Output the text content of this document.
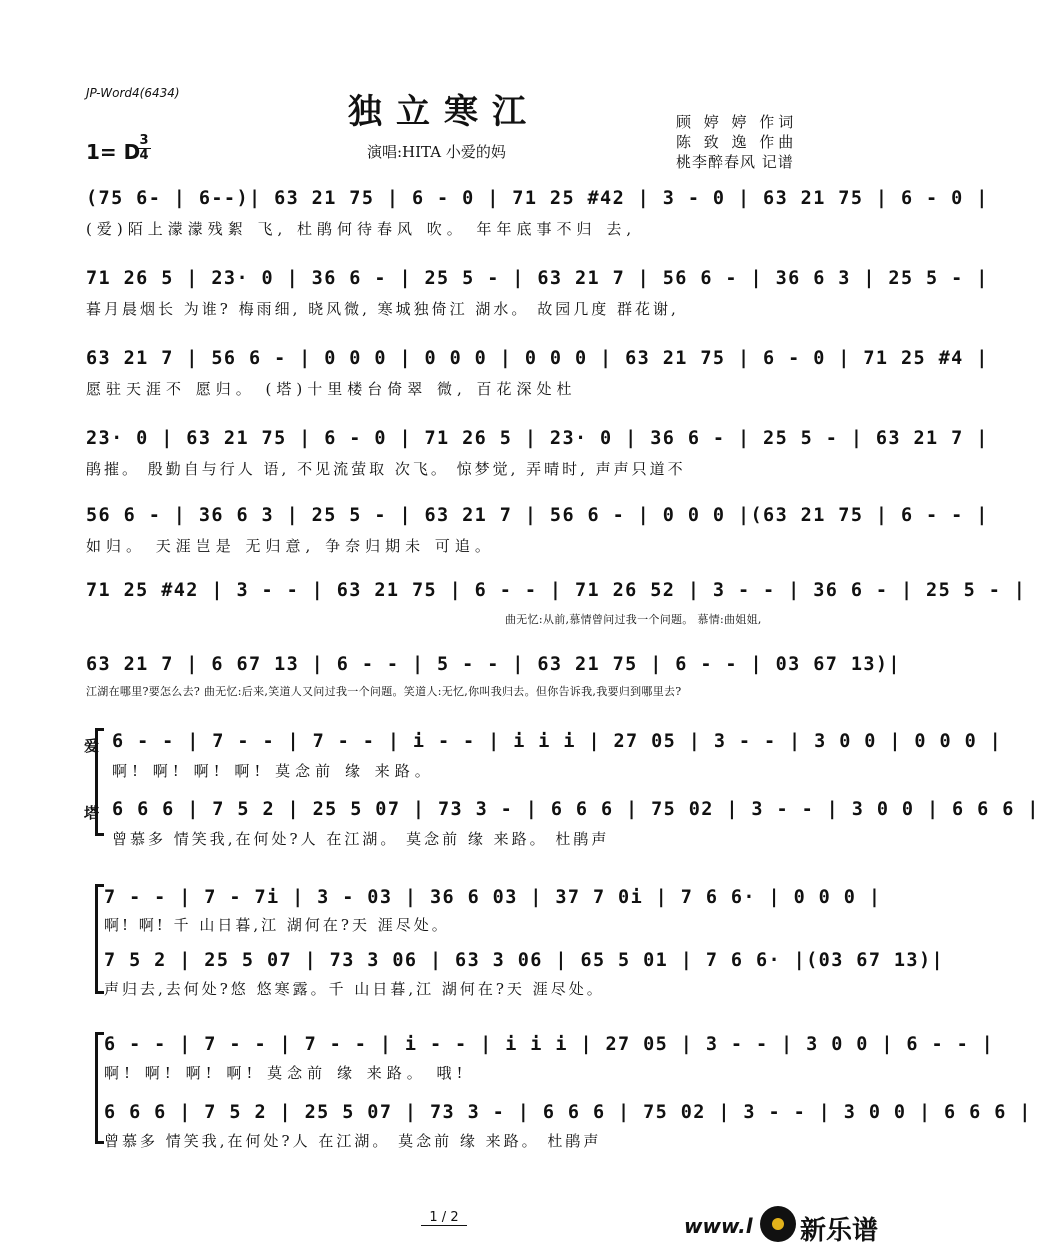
JP-Word4(6434)	独立寒江	顾 婷 婷 作词
陈 致 逸 作曲
桃李醉春风 记谱
1= D 3
4	演唱:HITA 小爱的妈
(75 6- | 6--)| 63 21 75 | 6 - 0 | 71 25 #42 | 3 - 0 | 63 21 75 | 6 - 0 |
(爱)陌上濛濛残絮 飞, 杜鹃何待春风 吹。 年年底事不归 去,
71 26 5 | 23· 0 | 36 6 - | 25 5 - | 63 21 7 | 56 6 - | 36 6 3 | 25 5 - |
暮月晨烟长 为谁? 梅雨细, 晓风微, 寒城独倚江 湖水。 故园几度 群花谢,
63 21 7 | 56 6 - | 0 0 0 | 0 0 0 | 0 0 0 | 63 21 75 | 6 - 0 | 71 25 #4 |
愿驻天涯不 愿归。 (塔)十里楼台倚翠 微, 百花深处杜
23· 0 | 63 21 75 | 6 - 0 | 71 26 5 | 23· 0 | 36 6 - | 25 5 - | 63 21 7 |
鹃摧。 殷勤自与行人 语, 不见流萤取 次飞。 惊梦觉, 弄晴时, 声声只道不
56 6 - | 36 6 3 | 25 5 - | 63 21 7 | 56 6 - | 0 0 0 |(63 21 75 | 6 - - |
如归。 天涯岂是 无归意, 争奈归期未 可追。
71 25 #42 | 3 - - | 63 21 75 | 6 - - | 71 26 52 | 3 - - | 36 6 - | 25 5 - |
曲无忆:从前,慕情曾问过我一个问题。 慕情:曲姐姐,
63 21 7 | 6 67 13 | 6 - - | 5 - - | 63 21 75 | 6 - - | 03 67 13)|
江湖在哪里?要怎么去? 曲无忆:后来,笑道人又问过我一个问题。笑道人:无忆,你叫我归去。但你告诉我,我要归到哪里去?
爱
塔
6 - - | 7 - - | 7 - - | i - - | i i i | 27 05 | 3 - - | 3 0 0 | 0 0 0 |
啊! 啊! 啊! 啊! 莫念前 缘 来路。
6 6 6 | 7 5 2 | 25 5 07 | 73 3 - | 6 6 6 | 75 02 | 3 - - | 3 0 0 | 6 6 6 |
曾慕多 情笑我,在何处?人 在江湖。 莫念前 缘 来路。 杜鹃声
7 - - | 7 - 7i | 3 - 03 | 36 6 03 | 37 7 0i | 7 6 6· | 0 0 0 |
啊! 啊! 千 山日暮,江 湖何在?天 涯尽处。
7 5 2 | 25 5 07 | 73 3 06 | 63 3 06 | 65 5 01 | 7 6 6· |(03 67 13)|
声归去,去何处?悠 悠寒露。千 山日暮,江 湖何在?天 涯尽处。
6 - - | 7 - - | 7 - - | i - - | i i i | 27 05 | 3 - - | 3 0 0 | 6 - - |
啊! 啊! 啊! 啊! 莫念前 缘 来路。 哦!
6 6 6 | 7 5 2 | 25 5 07 | 73 3 - | 6 6 6 | 75 02 | 3 - - | 3 0 0 | 6 6 6 |
曾慕多 情笑我,在何处?人 在江湖。 莫念前 缘 来路。 杜鹃声
1 / 2	www.l 新乐谱
